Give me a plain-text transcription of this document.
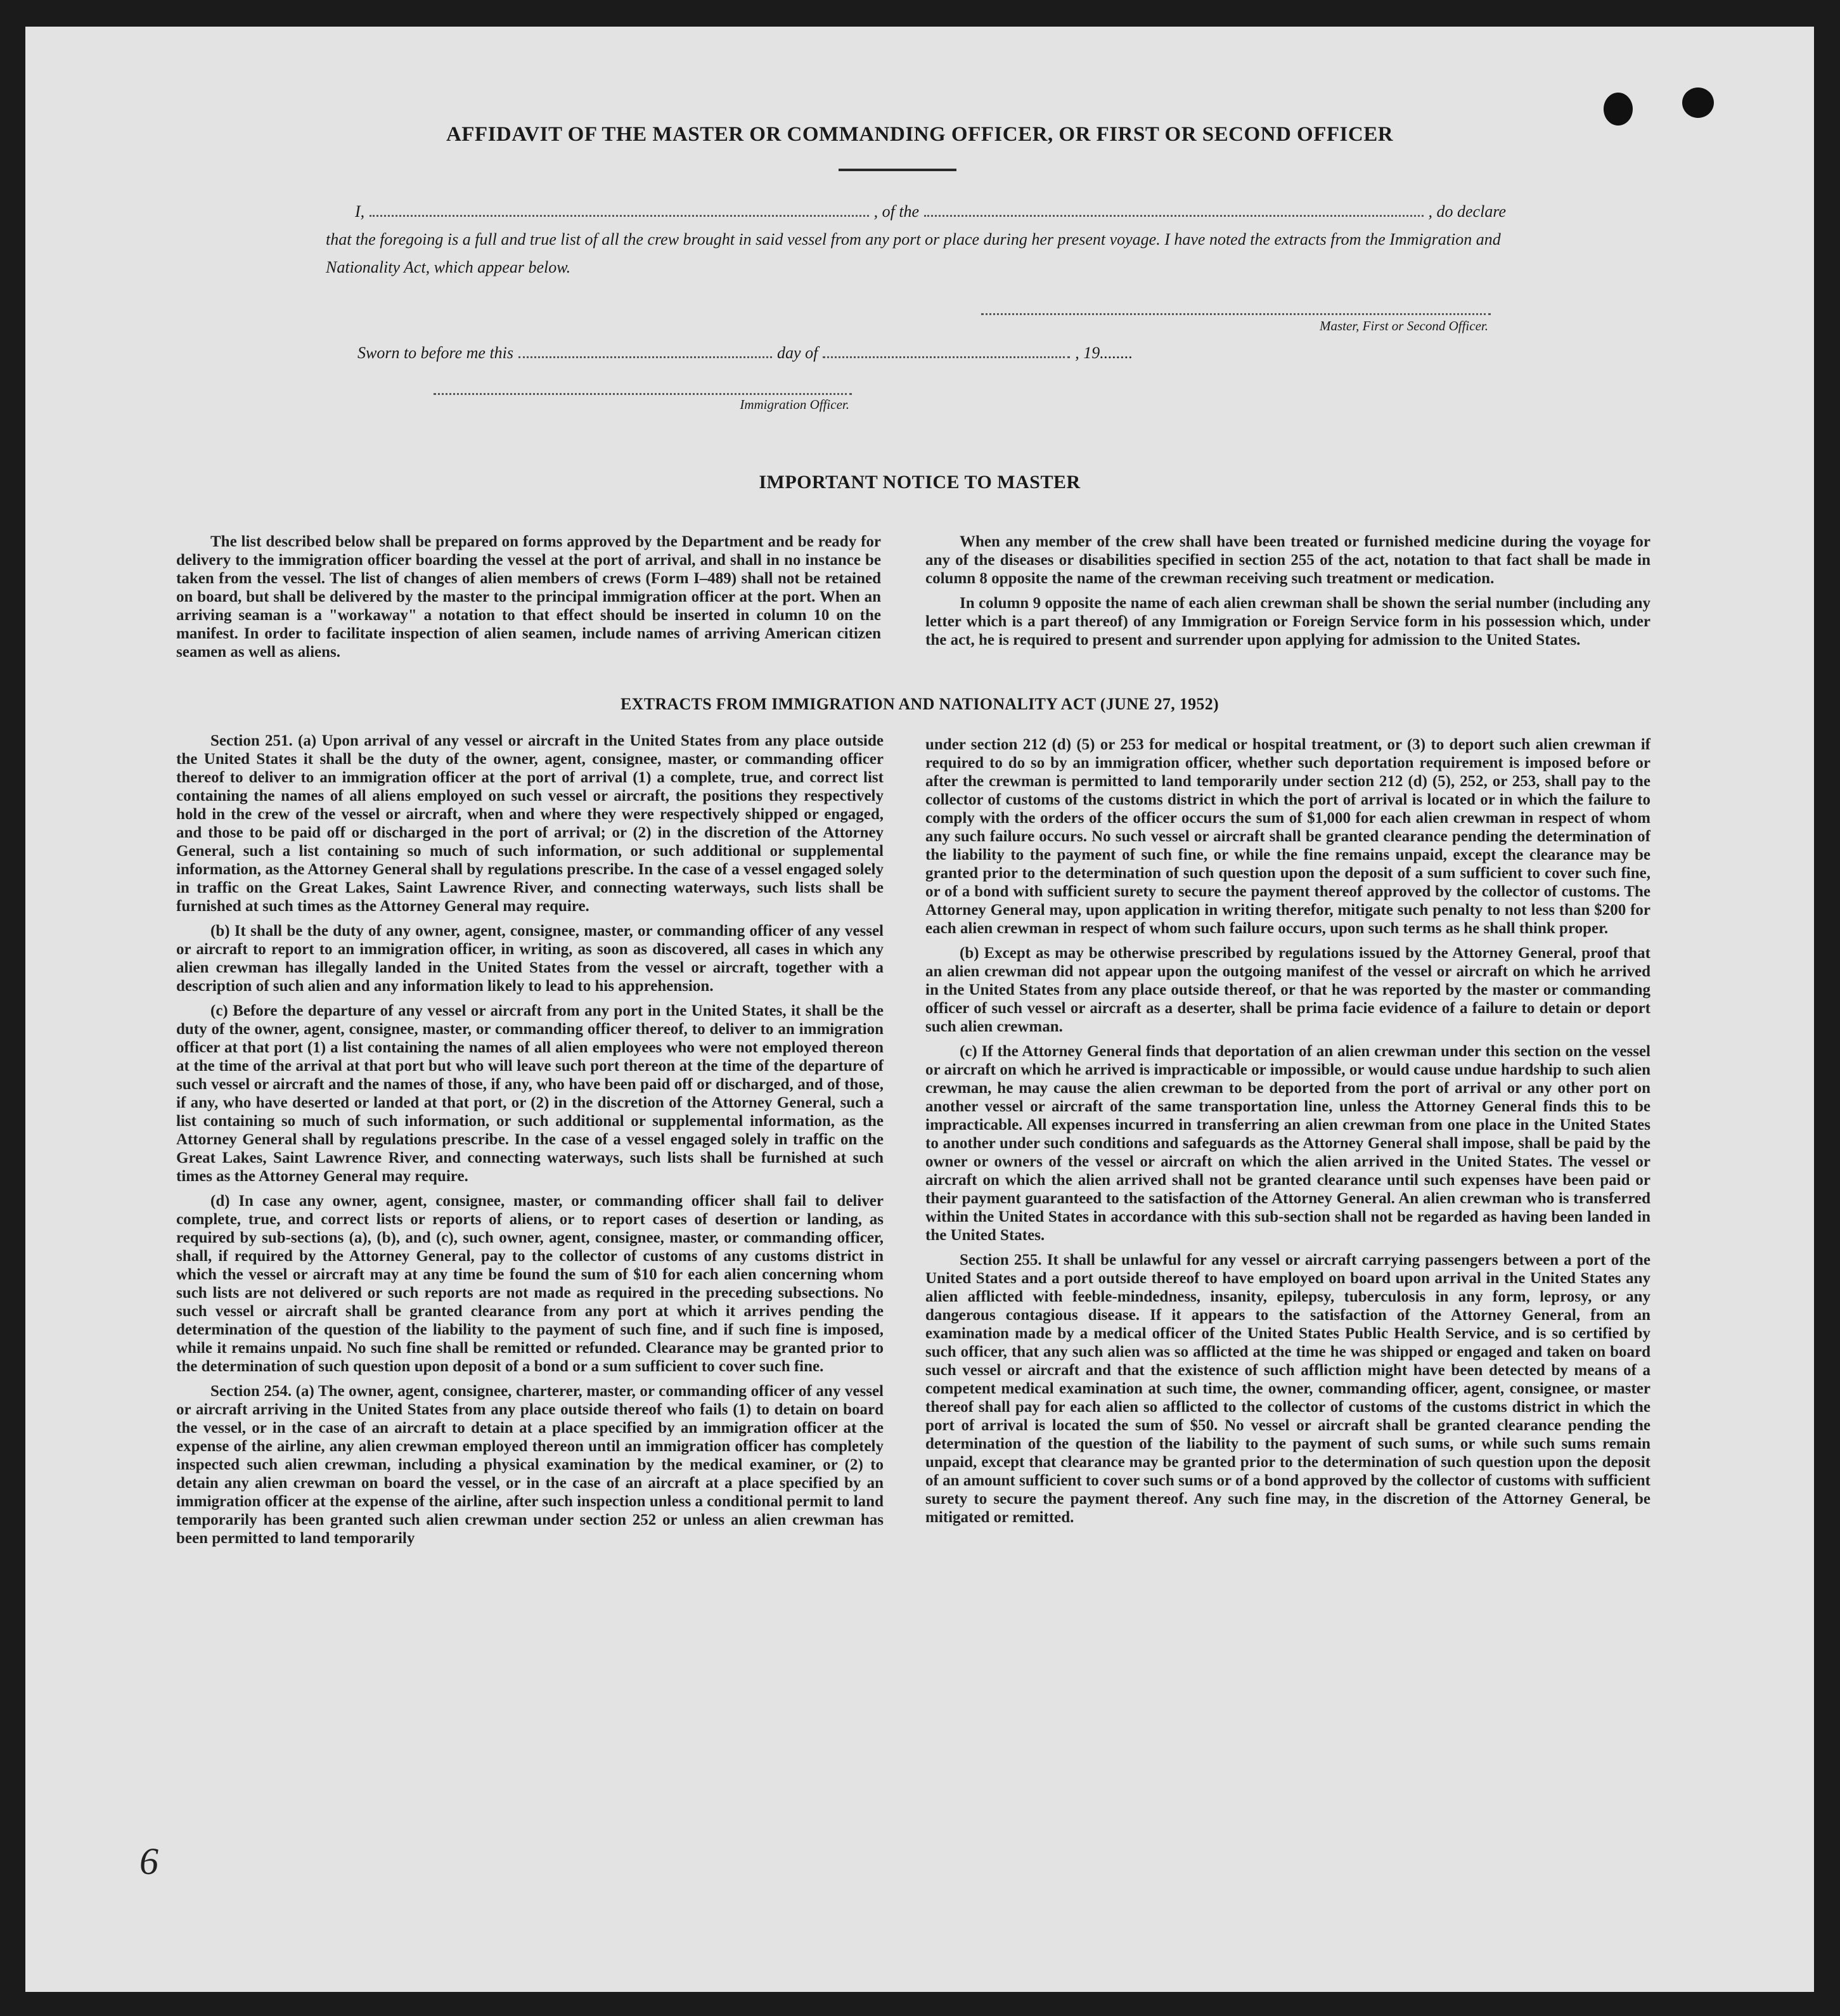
AFFIDAVIT OF THE MASTER OR COMMANDING OFFICER, OR FIRST OR SECOND OFFICER
I,	, of the	, do declare
that the foregoing is a full and true list of all the crew brought in said vessel from any port or place during her present voyage. I have noted the extracts from the Immigration and Nationality Act, which appear below.
Master, First or Second Officer.
Sworn to before me this	day of	, 19........
Immigration Officer.
IMPORTANT NOTICE TO MASTER

The list described below shall be prepared on forms approved by the Department and be ready for delivery to the immigration officer boarding the vessel at the port of arrival, and shall in no instance be taken from the vessel. The list of changes of alien members of crews (Form I–489) shall not be retained on board, but shall be delivered by the master to the principal immigration officer at the port. When an arriving seaman is a "workaway" a notation to that effect should be inserted in column 10 on the manifest. In order to facilitate inspection of alien seamen, include names of arriving American citizen seamen as well as aliens.

When any member of the crew shall have been treated or furnished medicine during the voyage for any of the diseases or disabilities specified in section 255 of the act, notation to that fact shall be made in column 8 opposite the name of the crewman receiving such treatment or medication.

In column 9 opposite the name of each alien crewman shall be shown the serial number (including any letter which is a part thereof) of any Immigration or Foreign Service form in his possession which, under the act, he is required to present and surrender upon applying for admission to the United States.

EXTRACTS FROM IMMIGRATION AND NATIONALITY ACT (JUNE 27, 1952)

Section 251. (a) Upon arrival of any vessel or aircraft in the United States from any place outside the United States it shall be the duty of the owner, agent, consignee, master, or commanding officer thereof to deliver to an immigration officer at the port of arrival (1) a complete, true, and correct list containing the names of all aliens employed on such vessel or aircraft, the positions they respectively hold in the crew of the vessel or aircraft, when and where they were respectively shipped or engaged, and those to be paid off or discharged in the port of arrival; or (2) in the discretion of the Attorney General, such a list containing so much of such information, or such additional or supplemental information, as the Attorney General shall by regulations prescribe. In the case of a vessel engaged solely in traffic on the Great Lakes, Saint Lawrence River, and connecting waterways, such lists shall be furnished at such times as the Attorney General may require.

(b) It shall be the duty of any owner, agent, consignee, master, or commanding officer of any vessel or aircraft to report to an immigration officer, in writing, as soon as discovered, all cases in which any alien crewman has illegally landed in the United States from the vessel or aircraft, together with a description of such alien and any information likely to lead to his apprehension.

(c) Before the departure of any vessel or aircraft from any port in the United States, it shall be the duty of the owner, agent, consignee, master, or commanding officer thereof, to deliver to an immigration officer at that port (1) a list containing the names of all alien employees who were not employed thereon at the time of the arrival at that port but who will leave such port thereon at the time of the departure of such vessel or aircraft and the names of those, if any, who have been paid off or discharged, and of those, if any, who have deserted or landed at that port, or (2) in the discretion of the Attorney General, such a list containing so much of such information, or such additional or supplemental information, as the Attorney General shall by regulations prescribe. In the case of a vessel engaged solely in traffic on the Great Lakes, Saint Lawrence River, and connecting waterways, such lists shall be furnished at such times as the Attorney General may require.

(d) In case any owner, agent, consignee, master, or commanding officer shall fail to deliver complete, true, and correct lists or reports of aliens, or to report cases of desertion or landing, as required by sub-sections (a), (b), and (c), such owner, agent, consignee, master, or commanding officer, shall, if required by the Attorney General, pay to the collector of customs of any customs district in which the vessel or aircraft may at any time be found the sum of $10 for each alien concerning whom such lists are not delivered or such reports are not made as required in the preceding subsections. No such vessel or aircraft shall be granted clearance from any port at which it arrives pending the determination of the question of the liability to the payment of such fine, and if such fine is imposed, while it remains unpaid. No such fine shall be remitted or refunded. Clearance may be granted prior to the determination of such question upon deposit of a bond or a sum sufficient to cover such fine.

Section 254. (a) The owner, agent, consignee, charterer, master, or commanding officer of any vessel or aircraft arriving in the United States from any place outside thereof who fails (1) to detain on board the vessel, or in the case of an aircraft to detain at a place specified by an immigration officer at the expense of the airline, any alien crewman employed thereon until an immigration officer has completely inspected such alien crewman, including a physical examination by the medical examiner, or (2) to detain any alien crewman on board the vessel, or in the case of an aircraft at a place specified by an immigration officer at the expense of the airline, after such inspection unless a conditional permit to land temporarily has been granted such alien crewman under section 252 or unless an alien crewman has been permitted to land temporarily

under section 212 (d) (5) or 253 for medical or hospital treatment, or (3) to deport such alien crewman if required to do so by an immigration officer, whether such deportation requirement is imposed before or after the crewman is permitted to land temporarily under section 212 (d) (5), 252, or 253, shall pay to the collector of customs of the customs district in which the port of arrival is located or in which the failure to comply with the orders of the officer occurs the sum of $1,000 for each alien crewman in respect of whom any such failure occurs. No such vessel or aircraft shall be granted clearance pending the determination of the liability to the payment of such fine, or while the fine remains unpaid, except the clearance may be granted prior to the determination of such question upon the deposit of a sum sufficient to cover such fine, or of a bond with sufficient surety to secure the payment thereof approved by the collector of customs. The Attorney General may, upon application in writing therefor, mitigate such penalty to not less than $200 for each alien crewman in respect of whom such failure occurs, upon such terms as he shall think proper.

(b) Except as may be otherwise prescribed by regulations issued by the Attorney General, proof that an alien crewman did not appear upon the outgoing manifest of the vessel or aircraft on which he arrived in the United States from any place outside thereof, or that he was reported by the master or commanding officer of such vessel or aircraft as a deserter, shall be prima facie evidence of a failure to detain or deport such alien crewman.

(c) If the Attorney General finds that deportation of an alien crewman under this section on the vessel or aircraft on which he arrived is impracticable or impossible, or would cause undue hardship to such alien crewman, he may cause the alien crewman to be deported from the port of arrival or any other port on another vessel or aircraft of the same transportation line, unless the Attorney General finds this to be impracticable. All expenses incurred in transferring an alien crewman from one place in the United States to another under such conditions and safeguards as the Attorney General shall impose, shall be paid by the owner or owners of the vessel or aircraft on which the alien arrived in the United States. The vessel or aircraft on which the alien arrived shall not be granted clearance until such expenses have been paid or their payment guaranteed to the satisfaction of the Attorney General. An alien crewman who is transferred within the United States in accordance with this sub-section shall not be regarded as having been landed in the United States.

Section 255. It shall be unlawful for any vessel or aircraft carrying passengers between a port of the United States and a port outside thereof to have employed on board upon arrival in the United States any alien afflicted with feeble-mindedness, insanity, epilepsy, tuberculosis in any form, leprosy, or any dangerous contagious disease. If it appears to the satisfaction of the Attorney General, from an examination made by a medical officer of the United States Public Health Service, and is so certified by such officer, that any such alien was so afflicted at the time he was shipped or engaged and taken on board such vessel or aircraft and that the existence of such affliction might have been detected by means of a competent medical examination at such time, the owner, commanding officer, agent, consignee, or master thereof shall pay for each alien so afflicted to the collector of customs of the customs district in which the port of arrival is located the sum of $50. No vessel or aircraft shall be granted clearance pending the determination of the question of the liability to the payment of such sums, or while such sums remain unpaid, except that clearance may be granted prior to the determination of such question upon the deposit of an amount sufficient to cover such sums or of a bond approved by the collector of customs with sufficient surety to secure the payment thereof. Any such fine may, in the discretion of the Attorney General, be mitigated or remitted.

6
